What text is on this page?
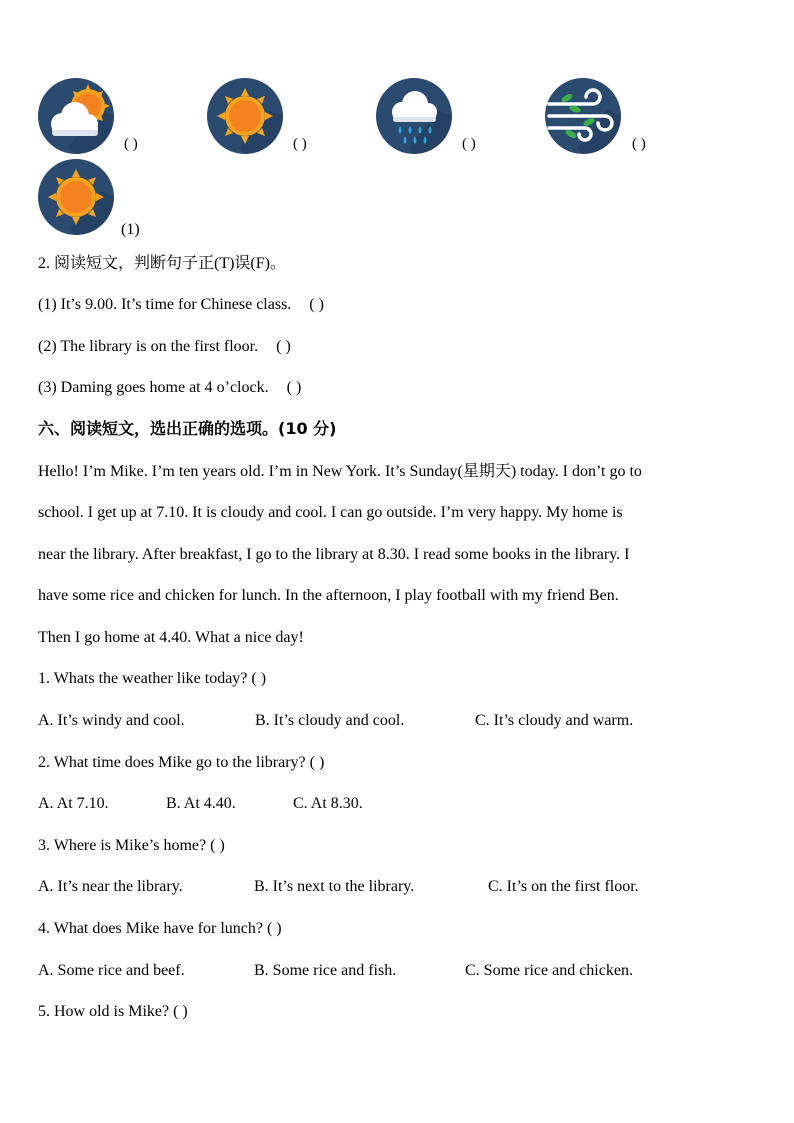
( )	( )	( )	( )
(1)
2. 阅读短文，判断句子正(T)误(F)。
(1) It’s 9.00. It’s time for Chinese class. ( )
(2) The library is on the first floor. ( )
(3) Daming goes home at 4 o’clock. ( )
六、阅读短文，选出正确的选项。(10 分)
Hello! I’m Mike. I’m ten years old. I’m in New York. It’s Sunday(星期天) today. I don’t go to
school. I get up at 7.10. It is cloudy and cool. I can go outside. I’m very happy. My home is
near the library. After breakfast, I go to the library at 8.30. I read some books in the library. I
have some rice and chicken for lunch. In the afternoon, I play football with my friend Ben.
Then I go home at 4.40. What a nice day!
1. Whats the weather like today? ( )
A. It’s windy and cool.	B. It’s cloudy and cool.	C. It’s cloudy and warm.
2. What time does Mike go to the library? ( )
A. At 7.10.	B. At 4.40.	C. At 8.30.
3. Where is Mike’s home? ( )
A. It’s near the library.	B. It’s next to the library.	C. It’s on the first floor.
4. What does Mike have for lunch? ( )
A. Some rice and beef.	B. Some rice and fish.	C. Some rice and chicken.
5. How old is Mike? ( )
